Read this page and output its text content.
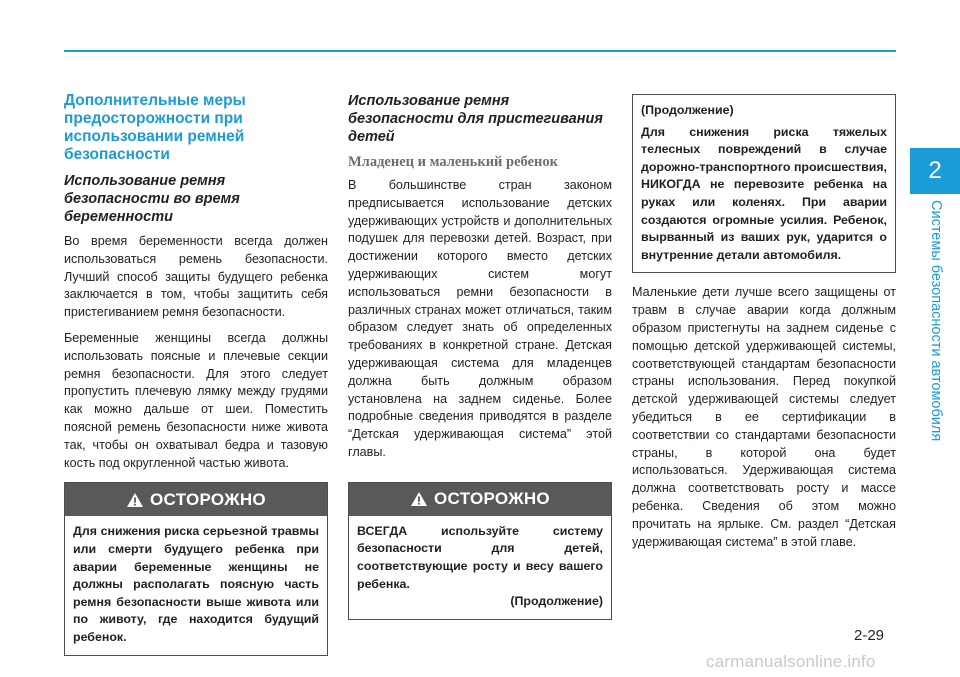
2
Системы безопасности автомобиля
Дополнительные меры предосторожности при использовании ремней безопасности
Использование ремня безопасности во время беременности

Во время беременности всегда должен использоваться ремень безопасности. Лучший способ защиты будущего ребенка заключается в том, чтобы защитить себя пристегиванием ремня безопасности.

Беременные женщины всегда должны использовать поясные и плечевые секции ремня безопасности. Для этого следует пропустить плечевую лямку между грудями как можно дальше от шеи. Поместить поясной ремень безопасности ниже живота так, чтобы он охватывал бедра и тазовую кость под округленной частью живота.

ОСТОРОЖНО
Для снижения риска серьезной травмы или смерти будущего ребенка при аварии беременные женщины не должны располагать поясную часть ремня безопасности выше живота или по животу, где находится будущий ребенок.
Использование ремня безопасности для пристегивания детей
Младенец и маленький ребенок

В большинстве стран законом предписывается использование детских удерживающих устройств и дополнительных подушек для перевозки детей. Возраст, при достижении которого вместо детских удерживающих систем могут использоваться ремни безопасности в различных странах может отличаться, таким образом следует знать об определенных требованиях в конкретной стране. Детская удерживающая система для младенцев должна быть должным образом установлена на заднем сиденье. Более подробные сведения приводятся в разделе “Детская удерживающая система” этой главы.

ОСТОРОЖНО
ВСЕГДА используйте систему безопасности для детей, соответствующие росту и весу вашего ребенка.
(Продолжение)
(Продолжение)
Для снижения риска тяжелых телесных повреждений в случае дорожно-транспортного происшествия, НИКОГДА не перевозите ребенка на руках или коленях. При аварии создаются огромные усилия. Ребенок, вырванный из ваших рук, ударится о внутренние детали автомобиля.

Маленькие дети лучше всего защищены от травм в случае аварии когда должным образом пристегнуты на заднем сиденье с помощью детской удерживающей системы, соответствующей стандартам безопасности страны использования. Перед покупкой детской удерживающей системы следует убедиться в ее сертификации в соответствии со стандартами безопасности страны, в которой она будет использоваться. Удерживающая система должна соответствовать росту и массе ребенка. Сведения об этом можно прочитать на ярлыке. См. раздел “Детская удерживающая система” в этой главе.

2-29
carmanualsonline.info
